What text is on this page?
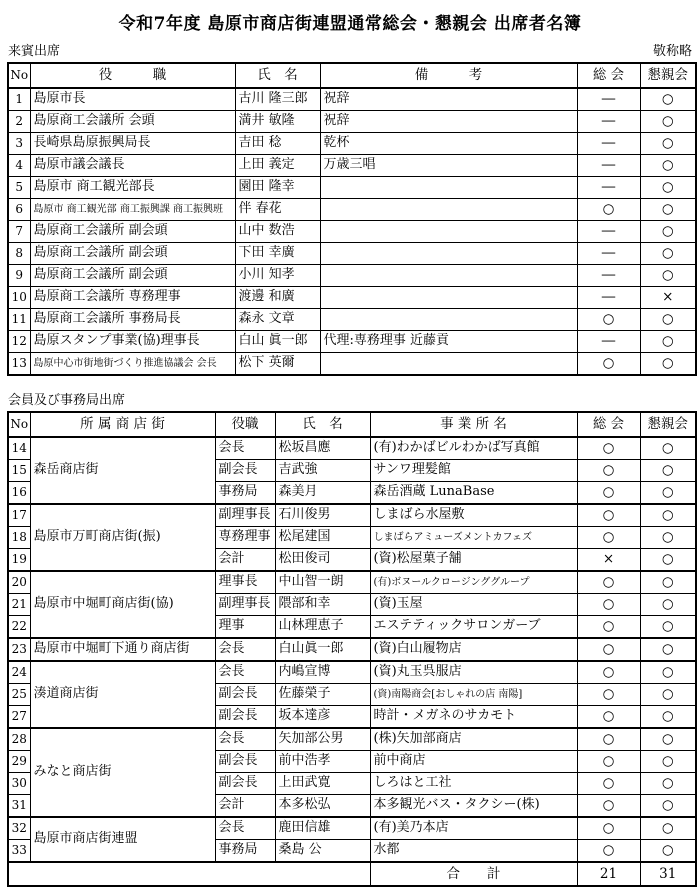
令和7年度 島原市商店街連盟通常総会・懇親会 出席者名簿
来賓出席	敬称略
No	役　　　職	氏　名	備　　　考	総 会	懇親会
1	島原市長	古川 隆三郎	祝辞	―	○
2	島原商工会議所 会頭	満井 敏隆	祝辞	―	○
3	長崎県島原振興局長	吉田 稔	乾杯	―	○
4	島原市議会議長	上田 義定	万歳三唱	―	○
5	島原市 商工観光部長	園田 隆幸		―	○
6	島原市 商工観光部 商工振興課 商工振興班	伴 春花		○	○
7	島原商工会議所 副会頭	山中 数浩		―	○
8	島原商工会議所 副会頭	下田 幸廣		―	○
9	島原商工会議所 副会頭	小川 知孝		―	○
10	島原商工会議所 専務理事	渡邊 和廣		―	×
11	島原商工会議所 事務局長	森永 文章		○	○
12	島原スタンプ事業(協)理事長	白山 眞一郎	代理:専務理事 近藤貢	―	○
13	島原中心市街地街づくり推進協議会 会長	松下 英爾		○	○
会員及び事務局出席
No	所 属 商 店 街	役職	氏　名	事 業 所 名	総 会	懇親会
14	森岳商店街	会長	松坂昌應	(有)わかばビルわかば写真館	○	○
15		副会長	吉武強	サンワ理髪館	○	○
16		事務局	森美月	森岳酒蔵 LunaBase	○	○
17	島原市万町商店街(振)	副理事長	石川俊男	しまばら水屋敷	○	○
18		専務理事	松尾建国	しまばらアミューズメントカフェズ	○	○
19		会計	松田俊司	(資)松屋菓子舗	×	○
20	島原市中堀町商店街(協)	理事長	中山智一朗	(有)ボヌールクロージンググループ	○	○
21		副理事長	隈部和幸	(資)玉屋	○	○
22		理事	山林理恵子	エステティックサロンガーブ	○	○
23	島原市中堀町下通り商店街	会長	白山眞一郎	(資)白山履物店	○	○
24	湊道商店街	会長	内嶋宣博	(資)丸玉呉服店	○	○
25		副会長	佐藤榮子	(資)南陽商会[おしゃれの店 南陽]	○	○
27		副会長	坂本達彦	時計・メガネのサカモト	○	○
28	みなと商店街	会長	矢加部公男	(株)矢加部商店	○	○
29		副会長	前中浩孝	前中商店	○	○
30		副会長	上田武寛	しろはと工社	○	○
31		会計	本多松弘	本多観光バス・タクシー(株)	○	○
32	島原市商店街連盟	会長	鹿田信雄	(有)美乃本店	○	○
33		事務局	桑島 公	水都	○	○
				合　　計	21	31
